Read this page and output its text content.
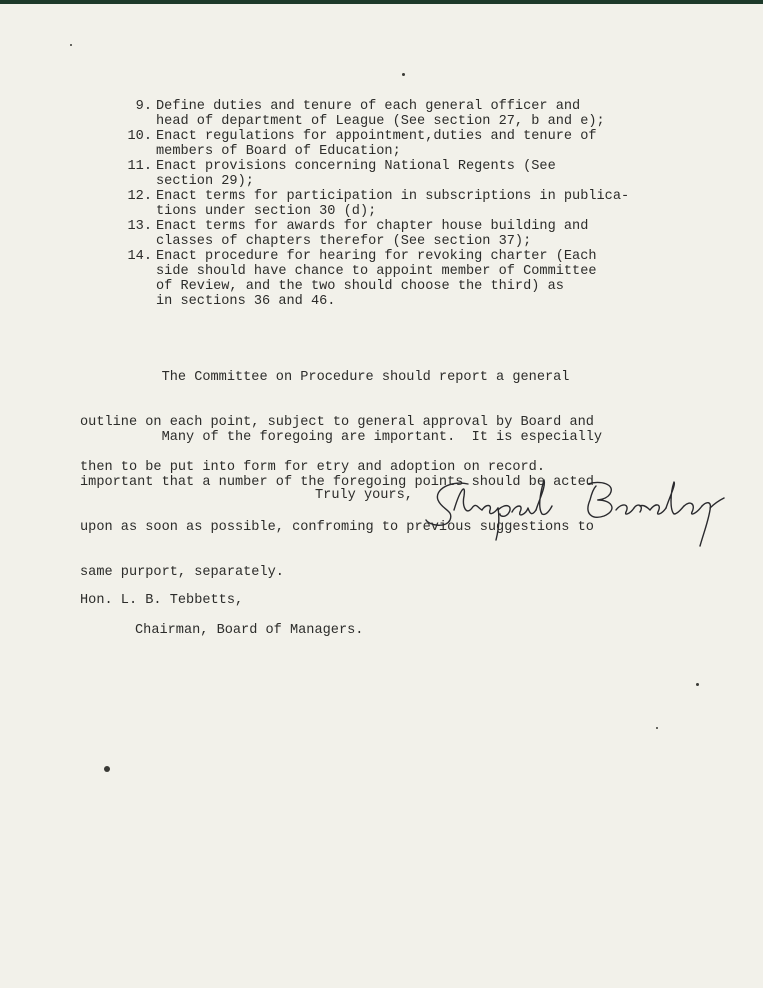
9. Define duties and tenure of each general officer and
head of department of League (See section 27, b and e);
10. Enact regulations for appointment,duties and tenure of
members of Board of Education;
11. Enact provisions concerning National Regents (See
section 29);
12. Enact terms for participation in subscriptions in publica-
tions under section 30 (d);
13. Enact terms for awards for chapter house building and
classes of chapters therefor (See section 37);
14. Enact procedure for hearing for revoking charter (Each
side should have chance to appoint member of Committee
of Review, and the two should choose the third) as
in sections 36 and 46.

The Committee on Procedure should report a general

outline on each point, subject to general approval by Board and

then to be put into form for etry and adoption on record.

Many of the foregoing are important.  It is especially

important that a number of the foregoing points should be acted

upon as soon as possible, confroming to previous suggestions to

same purport, separately.

Truly yours,
Hon. L. B. Tebbetts,
Chairman, Board of Managers.
